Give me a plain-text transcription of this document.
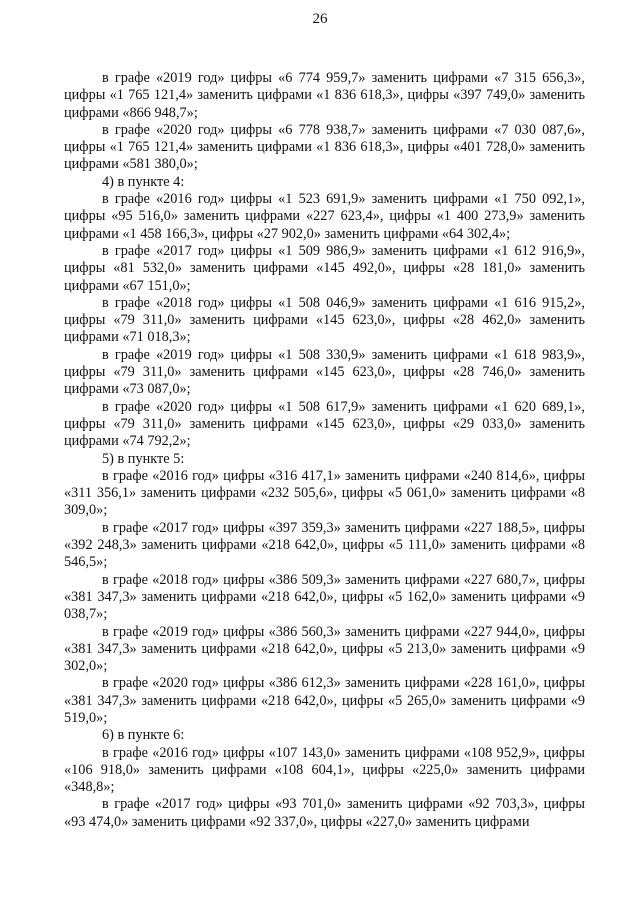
26

в графе «2019 год» цифры «6 774 959,7» заменить цифрами «7 315 656,3», цифры «1 765 121,4» заменить цифрами «1 836 618,3», цифры «397 749,0» заменить цифрами «866 948,7»;

в графе «2020 год» цифры «6 778 938,7» заменить цифрами «7 030 087,6», цифры «1 765 121,4» заменить цифрами «1 836 618,3», цифры «401 728,0» заменить цифрами «581 380,0»;

4) в пункте 4:

в графе «2016 год» цифры «1 523 691,9» заменить цифрами «1 750 092,1», цифры «95 516,0» заменить цифрами «227 623,4», цифры «1 400 273,9» заменить цифрами «1 458 166,3», цифры «27 902,0» заменить цифрами «64 302,4»;

в графе «2017 год» цифры «1 509 986,9» заменить цифрами «1 612 916,9», цифры «81 532,0» заменить цифрами «145 492,0», цифры «28 181,0» заменить цифрами «67 151,0»;

в графе «2018 год» цифры «1 508 046,9» заменить цифрами «1 616 915,2», цифры «79 311,0» заменить цифрами «145 623,0», цифры «28 462,0» заменить цифрами «71 018,3»;

в графе «2019 год» цифры «1 508 330,9» заменить цифрами «1 618 983,9», цифры «79 311,0» заменить цифрами «145 623,0», цифры «28 746,0» заменить цифрами «73 087,0»;

в графе «2020 год» цифры «1 508 617,9» заменить цифрами «1 620 689,1», цифры «79 311,0» заменить цифрами «145 623,0», цифры «29 033,0» заменить цифрами «74 792,2»;

5) в пункте 5:

в графе «2016 год» цифры «316 417,1» заменить цифрами «240 814,6», цифры «311 356,1» заменить цифрами «232 505,6», цифры «5 061,0» заменить цифрами «8 309,0»;

в графе «2017 год» цифры «397 359,3» заменить цифрами «227 188,5», цифры «392 248,3» заменить цифрами «218 642,0», цифры «5 111,0» заменить цифрами «8 546,5»;

в графе «2018 год» цифры «386 509,3» заменить цифрами «227 680,7», цифры «381 347,3» заменить цифрами «218 642,0», цифры «5 162,0» заменить цифрами «9 038,7»;

в графе «2019 год» цифры «386 560,3» заменить цифрами «227 944,0», цифры «381 347,3» заменить цифрами «218 642,0», цифры «5 213,0» заменить цифрами «9 302,0»;

в графе «2020 год» цифры «386 612,3» заменить цифрами «228 161,0», цифры «381 347,3» заменить цифрами «218 642,0», цифры «5 265,0» заменить цифрами «9 519,0»;

6) в пункте 6:

в графе «2016 год» цифры «107 143,0» заменить цифрами «108 952,9», цифры «106 918,0» заменить цифрами «108 604,1», цифры «225,0» заменить цифрами «348,8»;

в графе «2017 год» цифры «93 701,0» заменить цифрами «92 703,3», цифры «93 474,0» заменить цифрами «92 337,0», цифры «227,0» заменить цифрами
